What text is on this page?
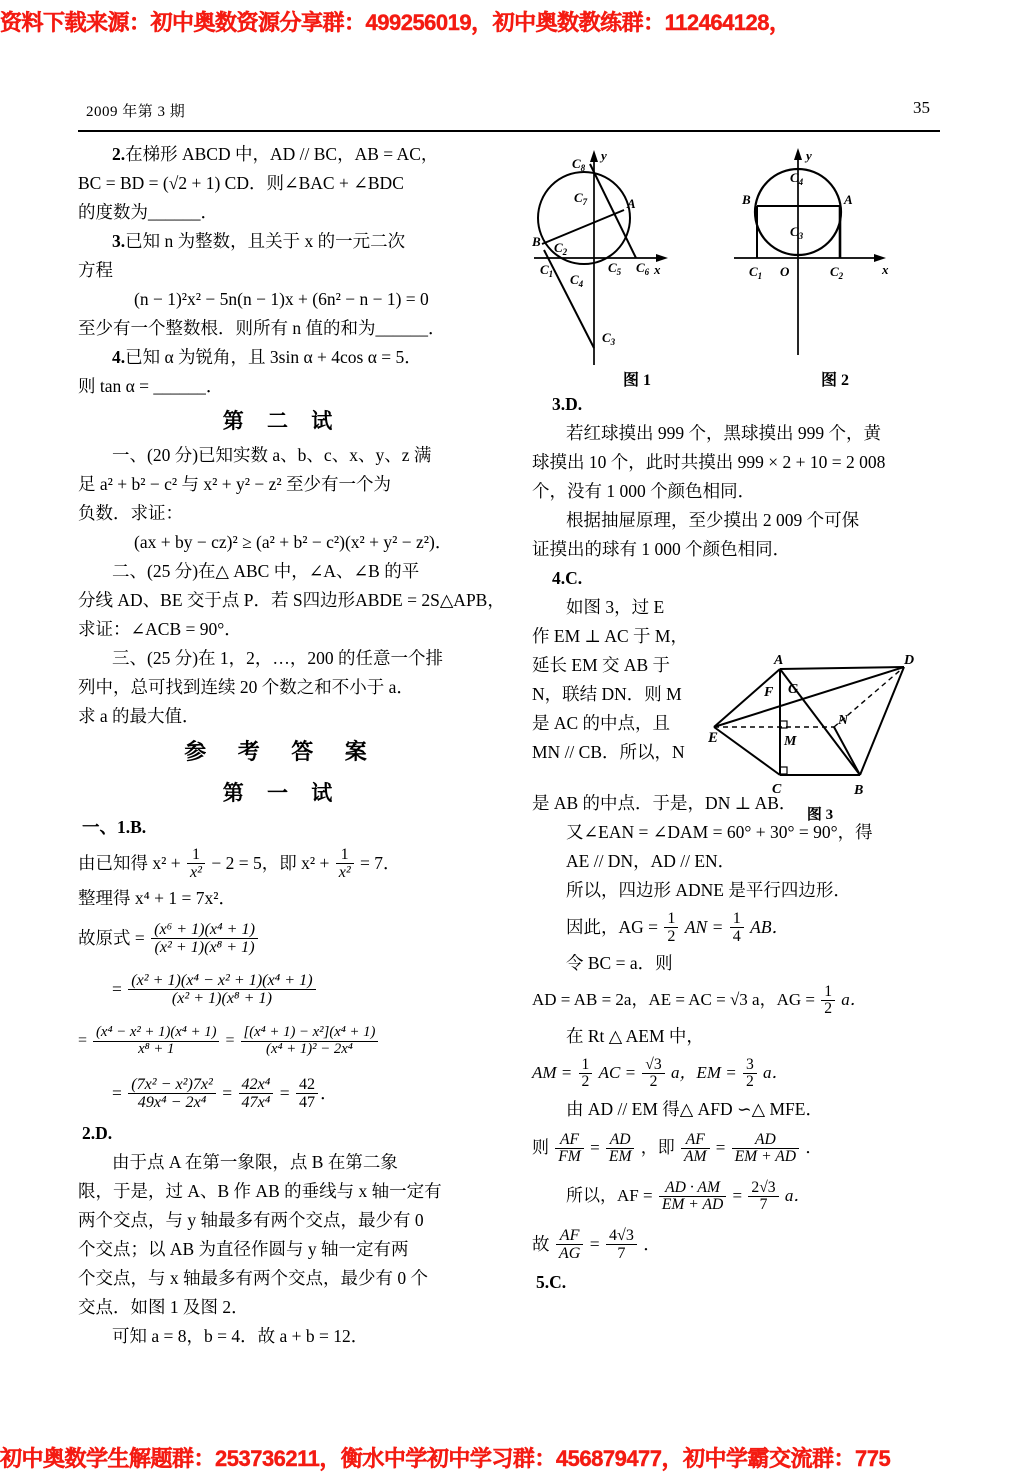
资料下载来源：初中奥数资源分享群：499256019，初中奥数教练群：112464128，
2009 年第 3 期	35

2.在梯形 ABCD 中，AD // BC，AB = AC，

BC = BD = (√2 + 1) CD．则∠BAC + ∠BDC

的度数为______．

3.已知 n 为整数，且关于 x 的一元二次

方程

(n − 1)²x² − 5n(n − 1)x + (6n² − n − 1) = 0

至少有一个整数根．则所有 n 值的和为______．

4.已知 α 为锐角，且 3sin α + 4cos α = 5．

则 tan α = ______．

第 二 试

一、(20 分)已知实数 a、b、c、x、y、z 满

足 a² + b² − c² 与 x² + y² − z² 至少有一个为

负数．求证：

(ax + by − cz)² ≥ (a² + b² − c²)(x² + y² − z²)．

二、(25 分)在△ ABC 中，∠A、∠B 的平

分线 AD、BE 交于点 P．若 S四边形ABDE = 2S△APB，

求证：∠ACB = 90°．

三、(25 分)在 1，2，…，200 的任意一个排

列中，总可找到连续 20 个数之和不小于 a．

求 a 的最大值．

参 考 答 案

第 一 试

一、1.B.

由已知得 $x^2 + \frac{1}{\text{x²}} - 2 = 5$，即 $x^2 + \frac{1}{\text{x²}} = 7$．

整理得 x⁴ + 1 = 7x²．

故原式 = $\frac{\text{(x⁶ + 1)(x⁴ + 1)}}{\text{(x² + 1)(x⁸ + 1)}}$

= $\frac{\text{(x² + 1)(x⁴ − x² + 1)(x⁴ + 1)}}{\text{(x² + 1)(x⁸ + 1)}}$

= $\frac{\text{(x⁴ − x² + 1)(x⁴ + 1)}}{\text{x⁸ + 1}} = \frac{\text{[(x⁴ + 1) − x²](x⁴ + 1)}}{\text{(x⁴ + 1)² − 2x⁴}}$

= $\frac{\text{(7x² − x²)7x²}}{\text{49x⁴ − 2x⁴}} = \frac{\text{42x⁴}}{\text{47x⁴}} = \frac{42}{47}$ ．

2.D.

由于点 A 在第一象限，点 B 在第二象

限，于是，过 A、B 作 AB 的垂线与 x 轴一定有

两个交点，与 y 轴最多有两个交点，最少有 0

个交点；以 AB 为直径作圆与 y 轴一定有两

个交点，与 x 轴最多有两个交点，最少有 0 个

交点．如图 1 及图 2．

可知 a = 8，b = 4．故 a + b = 12．

y
x
$C_8$
$C_7$	A
B $C_2$
$C_1$ $C_4$
$C_5$ $C_6$
$C_3$
图 1
y
x
$C_4$
B	A
$C_3$
$C_1$ O	$C_2$
图 2

3.D.

若红球摸出 999 个，黑球摸出 999 个，黄

球摸出 10 个，此时共摸出 999 × 2 + 10 = 2 008

个，没有 1 000 个颜色相同．

根据抽屉原理，至少摸出 2 009 个可保

证摸出的球有 1 000 个颜色相同．

4.C.

如图 3，过 E

作 EM ⊥ AC 于 M，

延长 EM 交 AB 于

N，联结 DN．则 M

是 AC 的中点，且

MN // CB．所以，N

A	D
F G
E
N
M
C	B
图 3

是 AB 的中点．于是，DN ⊥ AB．

又∠EAN = ∠DAM = 60° + 30° = 90°，得

AE // DN，AD // EN．

所以，四边形 ADNE 是平行四边形．

因此，AG = $\frac{1}{2}$ AN = $\frac{1}{4}$ AB．

令 BC = a．则

AD = AB = 2a，AE = AC = √3 a，AG = $\frac{1}{2}$ a．

在 Rt △ AEM 中，

AM = $\frac{1}{2}$ AC = $\frac{√3}{2}$ a，EM = $\frac{3}{2}$ a．

由 AD // EM 得△ AFD ∽△ MFE．

则 $\frac{AF}{FM} = \frac{AD}{EM}$ ，即 $\frac{AF}{AM} = \frac{AD}{EM + AD}$ ．

所以，AF = $\frac{AD \cdot AM}{EM + AD} = \frac{2√3}{7}$ a．

故 $\frac{AF}{AG} = \frac{4√3}{7}$ ．

5.C.

初中奥数学生解题群：253736211，衡水中学初中学习群：456879477，初中学霸交流群：775
